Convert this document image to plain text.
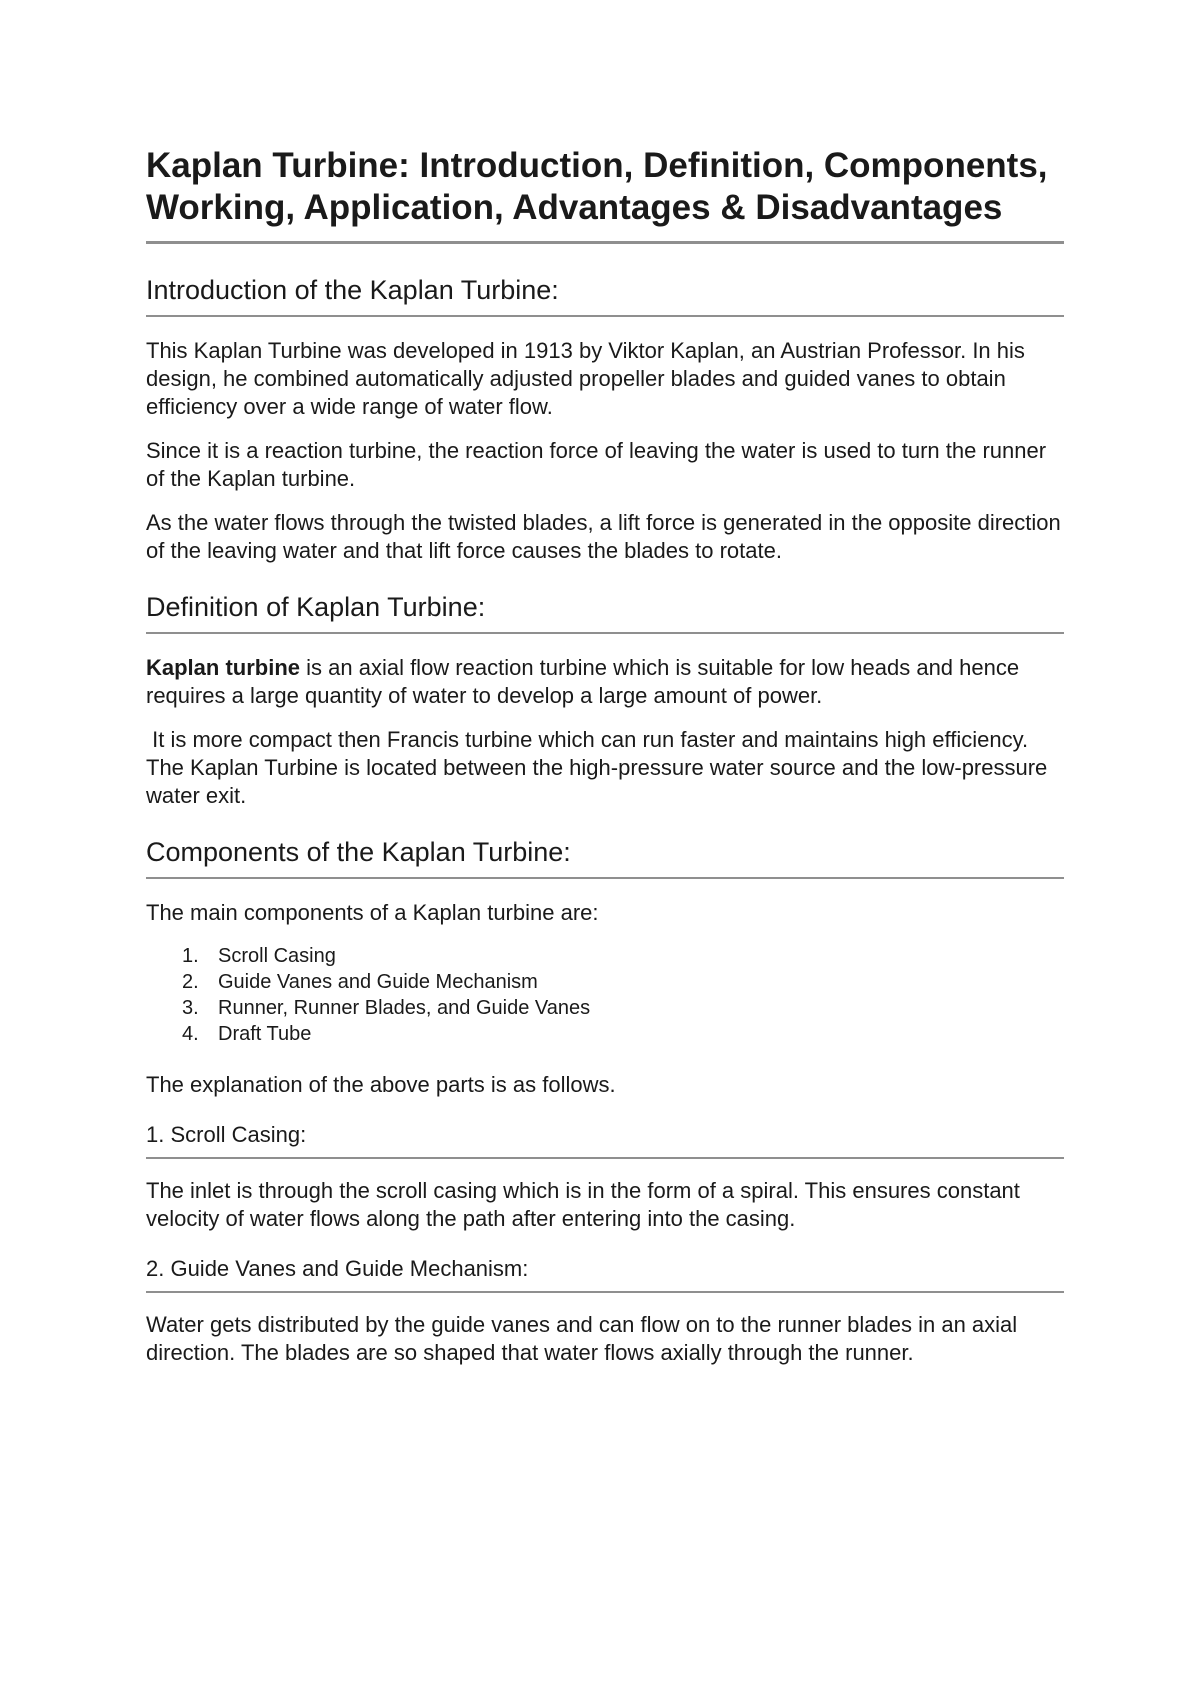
Kaplan Turbine: Introduction, Definition, Components, Working, Application, Advantages & Disadvantages
Introduction of the Kaplan Turbine:

This Kaplan Turbine was developed in 1913 by Viktor Kaplan, an Austrian Professor. In his design, he combined automatically adjusted propeller blades and guided vanes to obtain efficiency over a wide range of water flow.

Since it is a reaction turbine, the reaction force of leaving the water is used to turn the runner of the Kaplan turbine.

As the water flows through the twisted blades, a lift force is generated in the opposite direction of the leaving water and that lift force causes the blades to rotate.

Definition of Kaplan Turbine:

Kaplan turbine is an axial flow reaction turbine which is suitable for low heads and hence requires a large quantity of water to develop a large amount of power.

It is more compact then Francis turbine which can run faster and maintains high efficiency. The Kaplan Turbine is located between the high-pressure water source and the low-pressure water exit.

Components of the Kaplan Turbine:

The main components of a Kaplan turbine are:

1. Scroll Casing
2. Guide Vanes and Guide Mechanism
3. Runner, Runner Blades, and Guide Vanes
4. Draft Tube

The explanation of the above parts is as follows.

1. Scroll Casing:

The inlet is through the scroll casing which is in the form of a spiral. This ensures constant velocity of water flows along the path after entering into the casing.

2. Guide Vanes and Guide Mechanism:

Water gets distributed by the guide vanes and can flow on to the runner blades in an axial direction. The blades are so shaped that water flows axially through the runner.
